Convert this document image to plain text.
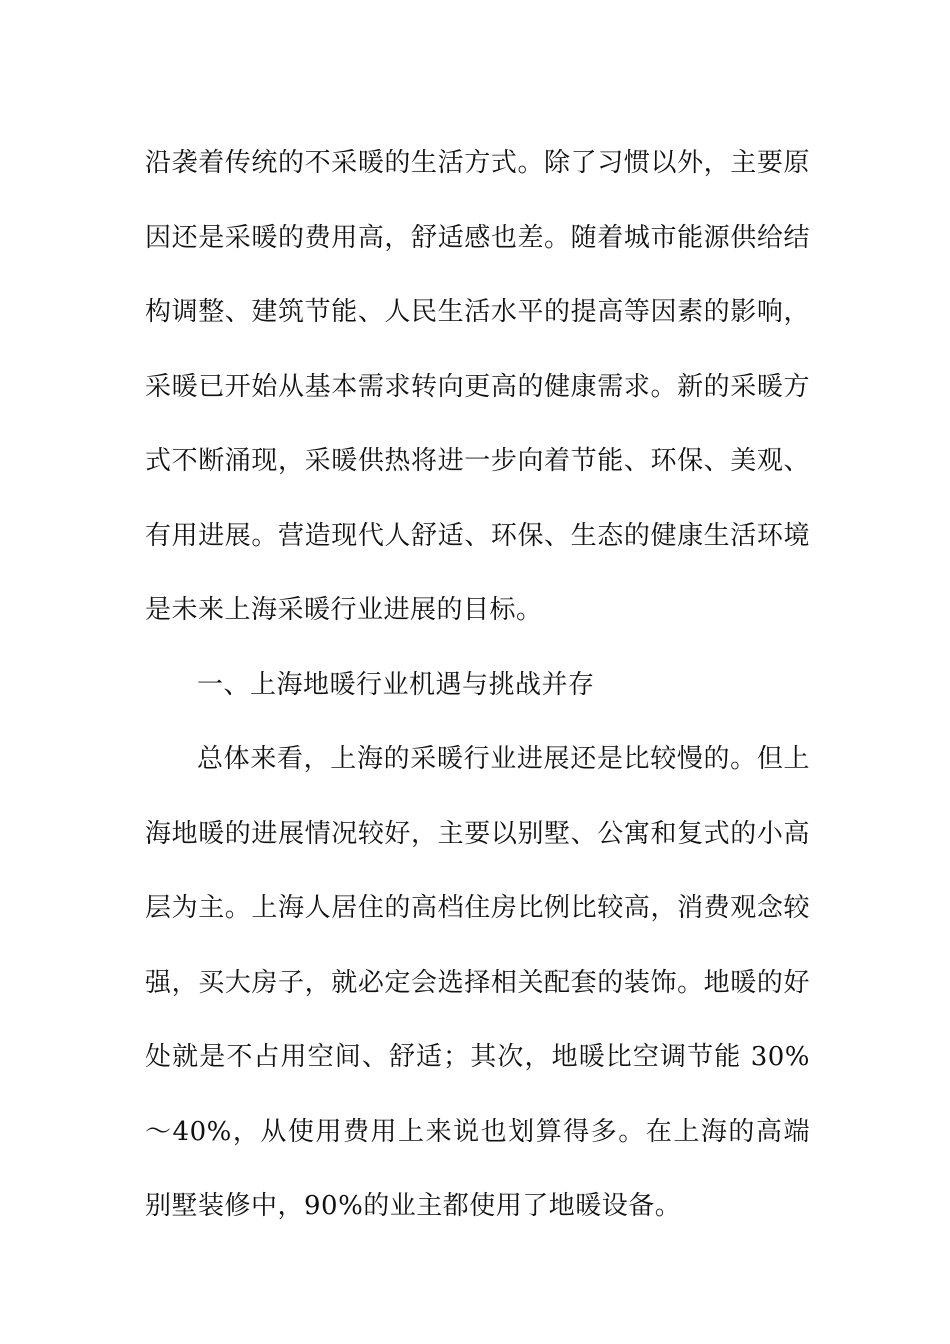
沿袭着传统的不采暖的生活方式。除了习惯以外，主要原因还是采暖的费用高，舒适感也差。随着城市能源供给结构调整、建筑节能、人民生活水平的提高等因素的影响，采暖已开始从基本需求转向更高的健康需求。新的采暖方式不断涌现，采暖供热将进一步向着节能、环保、美观、有用进展。营造现代人舒适、环保、生态的健康生活环境是未来上海采暖行业进展的目标。

一、上海地暖行业机遇与挑战并存

总体来看，上海的采暖行业进展还是比较慢的。但上海地暖的进展情况较好，主要以别墅、公寓和复式的小高层为主。上海人居住的高档住房比例比较高，消费观念较强，买大房子，就必定会选择相关配套的装饰。地暖的好处就是不占用空间、舒适；其次，地暖比空调节能 30%～40%，从使用费用上来说也划算得多。在上海的高端别墅装修中，90%的业主都使用了地暖设备。
